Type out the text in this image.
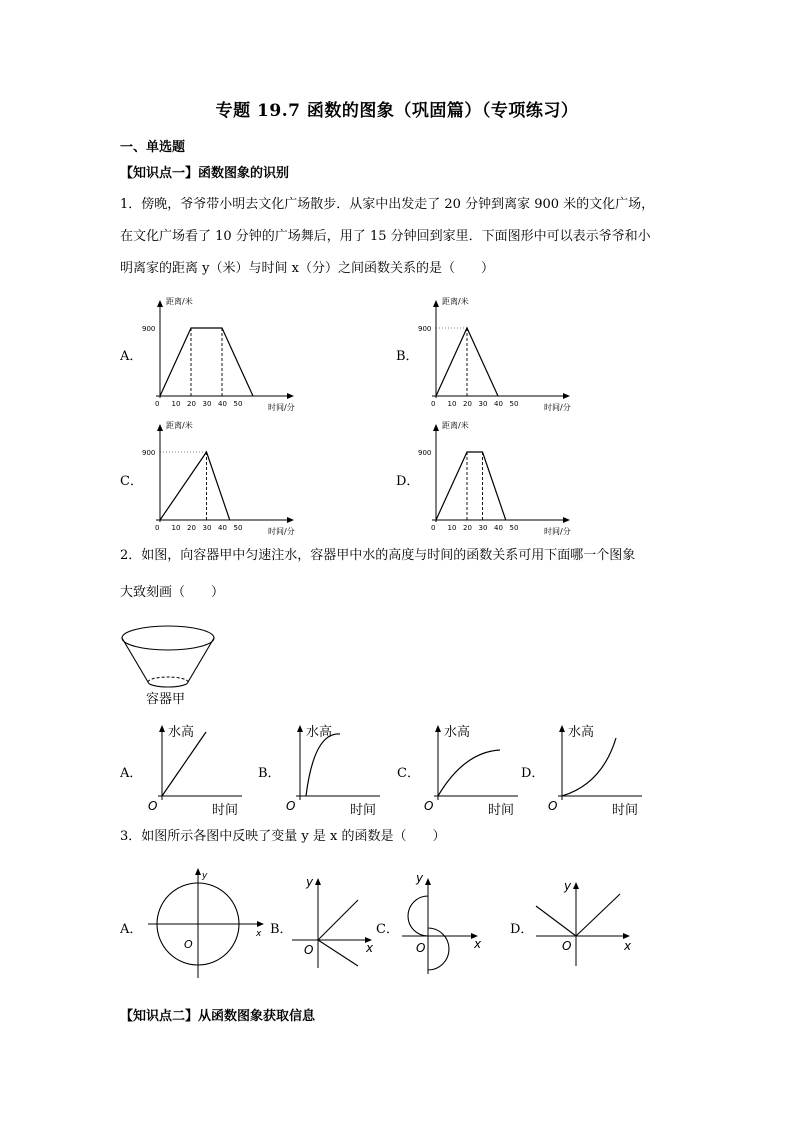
专题 19.7 函数的图象（巩固篇）（专项练习）
一、单选题
【知识点一】函数图象的识别
1．傍晚，爷爷带小明去文化广场散步．从家中出发走了 20 分钟到离家 900 米的文化广场，
在文化广场看了 10 分钟的广场舞后，用了 15 分钟回到家里．下面图形中可以表示爷爷和小
明离家的距离 y（米）与时间 x（分）之间函数关系的是（　　）
A．	B．
C．	D．
距离/米
时间/分
900
0 10 20 30 40 50
距离/米
时间/分
900
0 10 20 30 40 50
距离/米
时间/分
900
0 10 20 30 40 50
距离/米
时间/分
900
0 10 20 30 40 50
2．如图，向容器甲中匀速注水，容器甲中水的高度与时间的函数关系可用下面哪一个图象
大致刻画（　　）
容器甲
A．	B．	C．	D．
水高
时间
O
水高
时间
O
水高
时间
O
水高
时间
O
3．如图所示各图中反映了变量 y 是 x 的函数是（　　）
A．	B．	C．	D．
y
x
O
y
x
O
y
x
O
y
x
O
【知识点二】从函数图象获取信息
